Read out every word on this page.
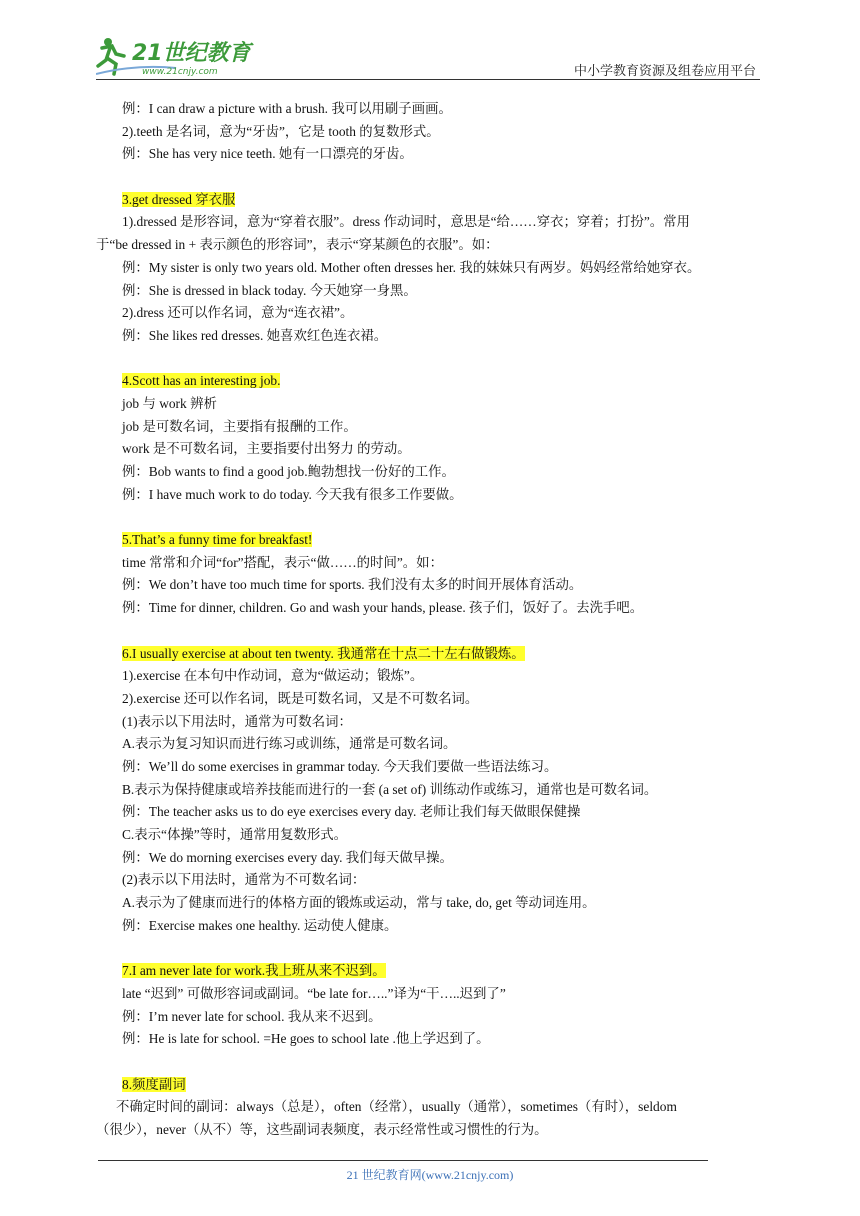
21世纪教育
www.21cnjy.com	中小学教育资源及组卷应用平台
例：I can draw a picture with a brush. 我可以用刷子画画。
2).teeth 是名词，意为“牙齿”，它是 tooth 的复数形式。
例：She has very nice teeth. 她有一口漂亮的牙齿。
3.get dressed 穿衣服
1).dressed 是形容词，意为“穿着衣服”。dress 作动词时，意思是“给……穿衣；穿着；打扮”。常用
于“be dressed in + 表示颜色的形容词”，表示“穿某颜色的衣服”。如：
例：My sister is only two years old. Mother often dresses her. 我的妹妹只有两岁。妈妈经常给她穿衣。
例：She is dressed in black today. 今天她穿一身黑。
2).dress 还可以作名词，意为“连衣裙”。
例：She likes red dresses. 她喜欢红色连衣裙。
4.Scott has an interesting job.
job 与 work 辨析
job 是可数名词，主要指有报酬的工作。
work 是不可数名词，主要指要付出努力 的劳动。
例：Bob wants to find a good job.鲍勃想找一份好的工作。
例：I have much work to do today. 今天我有很多工作要做。
5.That’s a funny time for breakfast!
time 常常和介词“for”搭配，表示“做……的时间”。如：
例：We don’t have too much time for sports. 我们没有太多的时间开展体育活动。
例：Time for dinner, children. Go and wash your hands, please. 孩子们，饭好了。去洗手吧。
6.I usually exercise at about ten twenty. 我通常在十点二十左右做锻炼。
1).exercise 在本句中作动词，意为“做运动；锻炼”。
2).exercise 还可以作名词，既是可数名词，又是不可数名词。
(1)表示以下用法时，通常为可数名词：
A.表示为复习知识而进行练习或训练，通常是可数名词。
例：We’ll do some exercises in grammar today. 今天我们要做一些语法练习。
B.表示为保持健康或培养技能而进行的一套 (a set of) 训练动作或练习，通常也是可数名词。
例：The teacher asks us to do eye exercises every day. 老师让我们每天做眼保健操
C.表示“体操”等时，通常用复数形式。
例：We do morning exercises every day. 我们每天做早操。
(2)表示以下用法时，通常为不可数名词：
A.表示为了健康而进行的体格方面的锻炼或运动，常与 take, do, get 等动词连用。
例：Exercise makes one healthy. 运动使人健康。
7.I am never late for work.我上班从来不迟到。
late “迟到” 可做形容词或副词。“be late for…..”译为“干…..迟到了”
例：I’m never late for school. 我从来不迟到。
例：He is late for school. =He goes to school late .他上学迟到了。
8.频度副词
不确定时间的副词：always（总是），often（经常），usually（通常），sometimes（有时），seldom
（很少），never（从不）等，这些副词表频度，表示经常性或习惯性的行为。
21 世纪教育网(www.21cnjy.com)
